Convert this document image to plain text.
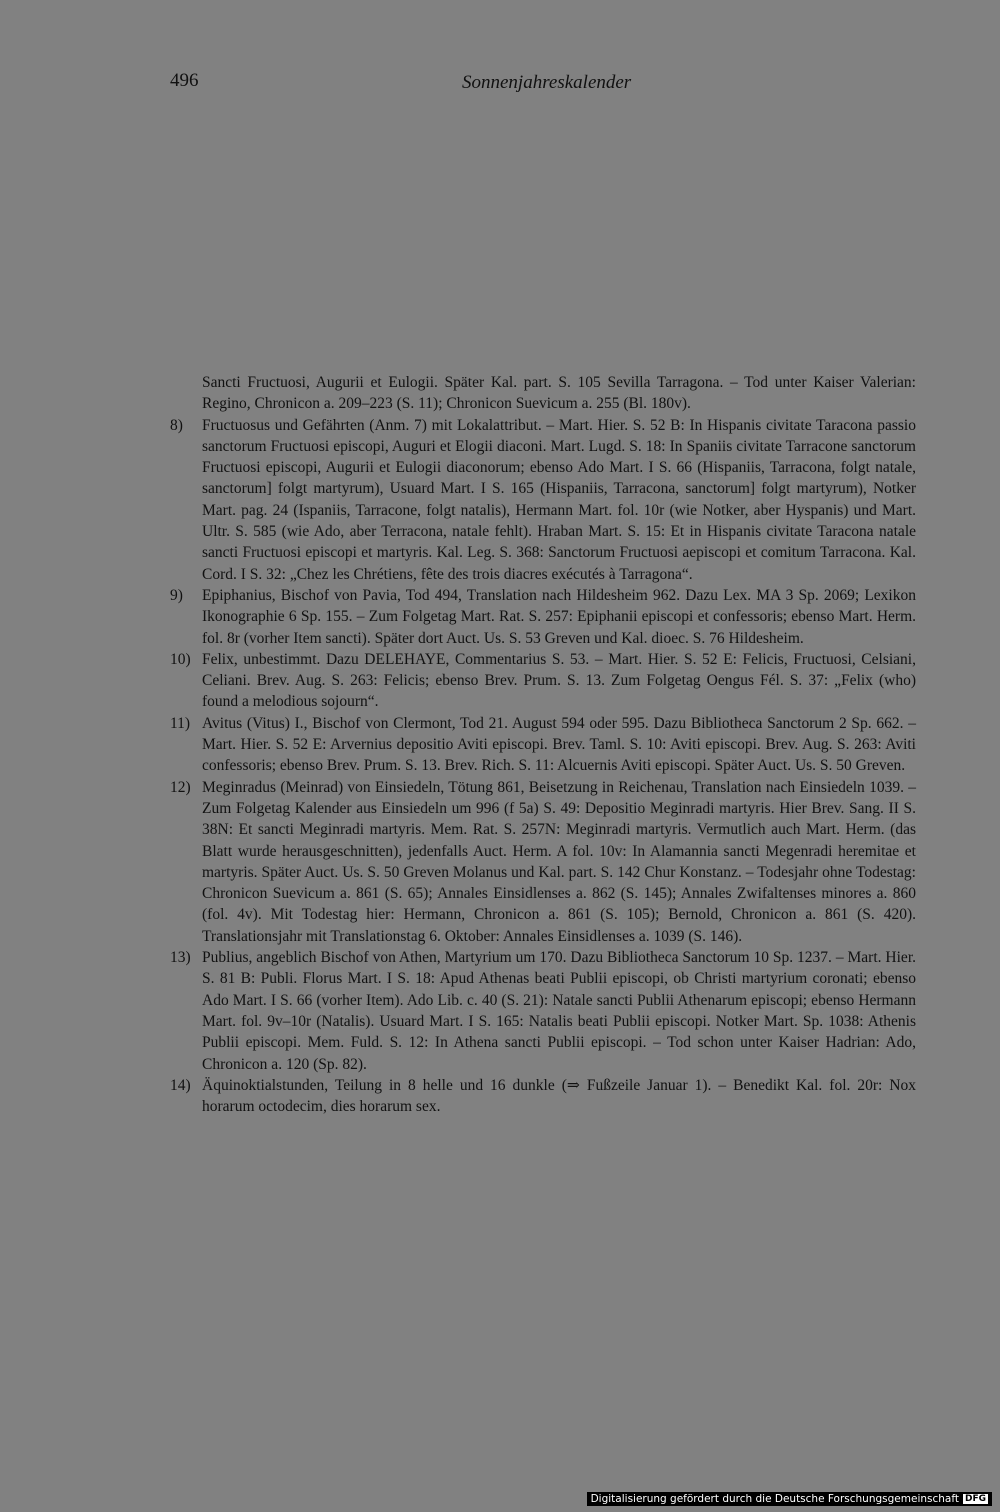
496	Sonnenjahreskalender

Sancti Fructuosi, Augurii et Eulogii. Später Kal. part. S. 105 Sevilla Tarragona. – Tod unter Kaiser Valerian: Regino, Chronicon a. 209–223 (S. 11); Chronicon Suevicum a. 255 (Bl. 180v).

8) Fructuosus und Gefährten (Anm. 7) mit Lokalattribut. – Mart. Hier. S. 52 B: In Hispanis civitate Taracona passio sanctorum Fructuosi episcopi, Auguri et Elogii diaconi. Mart. Lugd. S. 18: In Spaniis civitate Tarracone sanctorum Fructuosi episcopi, Augurii et Eulogii diaconorum; ebenso Ado Mart. I S. 66 (Hispaniis, Tarracona, folgt natale, sanctorum] folgt martyrum), Usuard Mart. I S. 165 (Hispaniis, Tarracona, sanctorum] folgt martyrum), Notker Mart. pag. 24 (Ispaniis, Tarracone, folgt natalis), Hermann Mart. fol. 10r (wie Notker, aber Hyspanis) und Mart. Ultr. S. 585 (wie Ado, aber Terracona, natale fehlt). Hraban Mart. S. 15: Et in Hispanis civitate Taracona natale sancti Fructuosi episcopi et martyris. Kal. Leg. S. 368: Sanctorum Fructuosi aepiscopi et comitum Tarracona. Kal. Cord. I S. 32: „Chez les Chrétiens, fête des trois diacres exécutés à Tarragona“.

9) Epiphanius, Bischof von Pavia, Tod 494, Translation nach Hildesheim 962. Dazu Lex. MA 3 Sp. 2069; Lexikon Ikonographie 6 Sp. 155. – Zum Folgetag Mart. Rat. S. 257: Epiphanii episcopi et confessoris; ebenso Mart. Herm. fol. 8r (vorher Item sancti). Später dort Auct. Us. S. 53 Greven und Kal. dioec. S. 76 Hildesheim.

10) Felix, unbestimmt. Dazu DELEHAYE, Commentarius S. 53. – Mart. Hier. S. 52 E: Felicis, Fructuosi, Celsiani, Celiani. Brev. Aug. S. 263: Felicis; ebenso Brev. Prum. S. 13. Zum Folgetag Oengus Fél. S. 37: „Felix (who) found a melodious sojourn“.

11) Avitus (Vitus) I., Bischof von Clermont, Tod 21. August 594 oder 595. Dazu Bibliotheca Sanctorum 2 Sp. 662. – Mart. Hier. S. 52 E: Arvernius depositio Aviti episcopi. Brev. Taml. S. 10: Aviti episcopi. Brev. Aug. S. 263: Aviti confessoris; ebenso Brev. Prum. S. 13. Brev. Rich. S. 11: Alcuernis Aviti episcopi. Später Auct. Us. S. 50 Greven.

12) Meginradus (Meinrad) von Einsiedeln, Tötung 861, Beisetzung in Reichenau, Translation nach Einsiedeln 1039. – Zum Folgetag Kalender aus Einsiedeln um 996 (f 5a) S. 49: Depositio Meginradi martyris. Hier Brev. Sang. II S. 38N: Et sancti Meginradi martyris. Mem. Rat. S. 257N: Meginradi martyris. Vermutlich auch Mart. Herm. (das Blatt wurde herausgeschnitten), jedenfalls Auct. Herm. A fol. 10v: In Alamannia sancti Megenradi heremitae et martyris. Später Auct. Us. S. 50 Greven Molanus und Kal. part. S. 142 Chur Konstanz. – Todesjahr ohne Todestag: Chronicon Suevicum a. 861 (S. 65); Annales Einsidlenses a. 862 (S. 145); Annales Zwifaltenses minores a. 860 (fol. 4v). Mit Todestag hier: Hermann, Chronicon a. 861 (S. 105); Bernold, Chronicon a. 861 (S. 420). Translationsjahr mit Translationstag 6. Oktober: Annales Einsidlenses a. 1039 (S. 146).

13) Publius, angeblich Bischof von Athen, Martyrium um 170. Dazu Bibliotheca Sanctorum 10 Sp. 1237. – Mart. Hier. S. 81 B: Publi. Florus Mart. I S. 18: Apud Athenas beati Publii episcopi, ob Christi martyrium coronati; ebenso Ado Mart. I S. 66 (vorher Item). Ado Lib. c. 40 (S. 21): Natale sancti Publii Athenarum episcopi; ebenso Hermann Mart. fol. 9v–10r (Natalis). Usuard Mart. I S. 165: Natalis beati Publii episcopi. Notker Mart. Sp. 1038: Athenis Publii episcopi. Mem. Fuld. S. 12: In Athena sancti Publii episcopi. – Tod schon unter Kaiser Hadrian: Ado, Chronicon a. 120 (Sp. 82).

14) Äquinoktialstunden, Teilung in 8 helle und 16 dunkle (⇒ Fußzeile Januar 1). – Benedikt Kal. fol. 20r: Nox horarum octodecim, dies horarum sex.

Digitalisierung gefördert durch die Deutsche Forschungsgemeinschaft DFG
